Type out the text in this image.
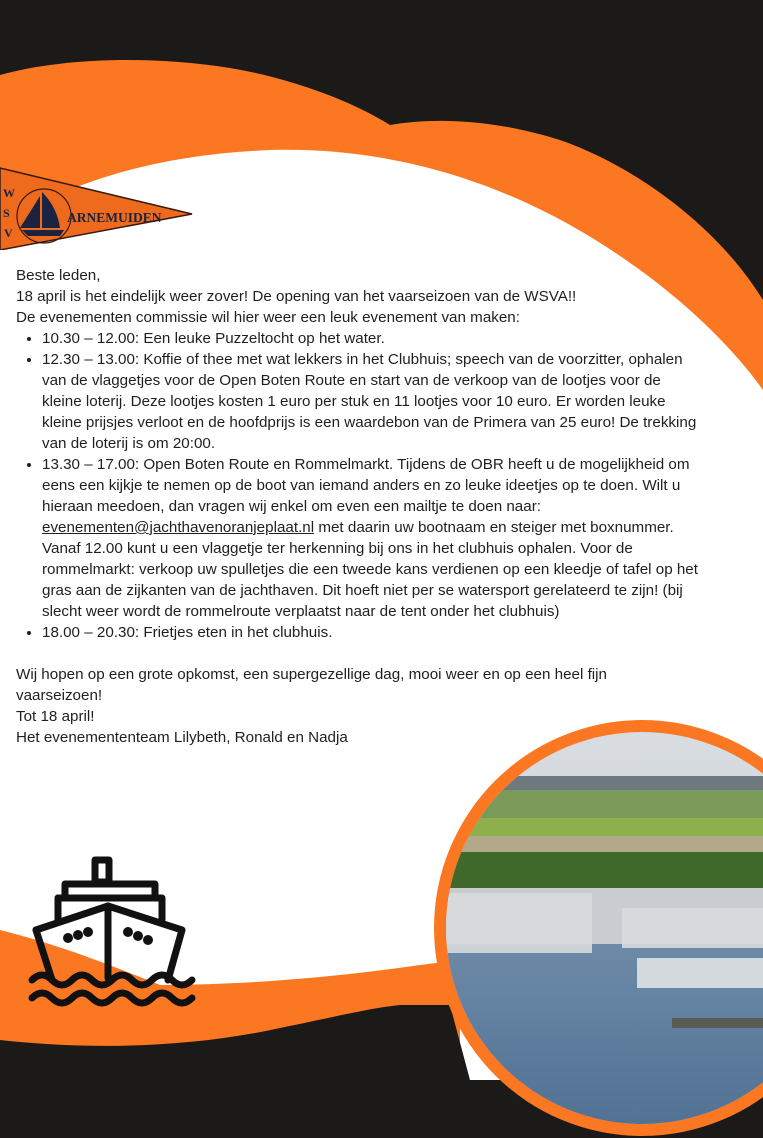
W
S
V
ARNEMUIDEN

Beste leden,

18 april is het eindelijk weer zover! De opening van het vaarseizoen van de WSVA!!

De evenementen commissie wil hier weer een leuk evenement van maken:

• 10.30 – 12.00: Een leuke Puzzeltocht op het water.
• 12.30 – 13.00: Koffie of thee met wat lekkers in het Clubhuis; speech van de voorzitter, ophalen van de vlaggetjes voor de Open Boten Route en start van de verkoop van de lootjes voor de kleine loterij. Deze lootjes kosten 1 euro per stuk en 11 lootjes voor 10 euro. Er worden leuke kleine prijsjes verloot en de hoofdprijs is een waardebon van de Primera van 25 euro! De trekking van de loterij is om 20:00.
• 13.30 – 17.00: Open Boten Route en Rommelmarkt. Tijdens de OBR heeft u de mogelijkheid om eens een kijkje te nemen op de boot van iemand anders en zo leuke ideetjes op te doen. Wilt u hieraan meedoen, dan vragen wij enkel om even een mailtje te doen naar: evenementen@jachthavenoranjeplaat.nl met daarin uw bootnaam en steiger met boxnummer. Vanaf 12.00 kunt u een vlaggetje ter herkenning bij ons in het clubhuis ophalen. Voor de rommelmarkt: verkoop uw spulletjes die een tweede kans verdienen op een kleedje of tafel op het gras aan de zijkanten van de jachthaven. Dit hoeft niet per se watersport gerelateerd te zijn! (bij slecht weer wordt de rommelroute verplaatst naar de tent onder het clubhuis)
• 18.00 – 20.30: Frietjes eten in het clubhuis.

Wij hopen op een grote opkomst, een supergezellige dag, mooi weer en op een heel fijn vaarseizoen!

Tot 18 april!

Het evenemententeam Lilybeth, Ronald en Nadja
